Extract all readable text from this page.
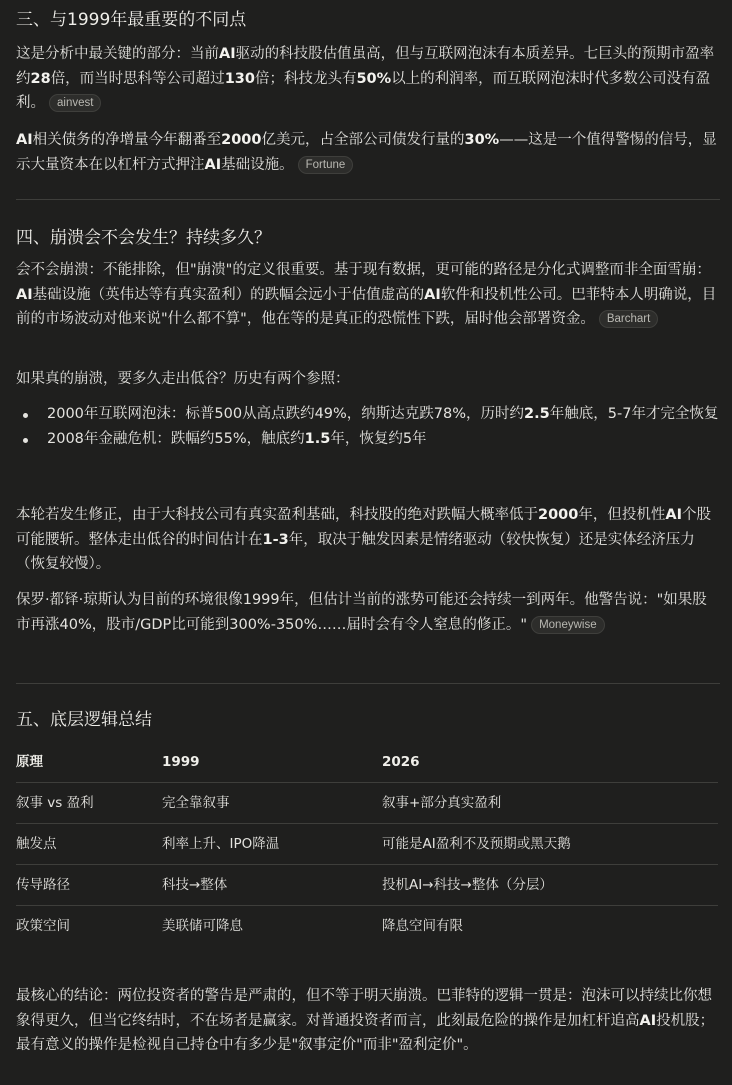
三、与1999年最重要的不同点

这是分析中最关键的部分：当前AI驱动的科技股估值虽高，但与互联网泡沫有本质差异。七巨头的预期市盈率约28倍，而当时思科等公司超过130倍；科技龙头有50%以上的利润率，而互联网泡沫时代多数公司没有盈利。 ainvest

AI相关债务的净增量今年翻番至2000亿美元，占全部公司债发行量的30%——这是一个值得警惕的信号，显示大量资本在以杠杆方式押注AI基础设施。 Fortune

四、崩溃会不会发生？持续多久？

会不会崩溃：不能排除，但"崩溃"的定义很重要。基于现有数据，更可能的路径是分化式调整而非全面雪崩：AI基础设施（英伟达等有真实盈利）的跌幅会远小于估值虚高的AI软件和投机性公司。巴菲特本人明确说，目前的市场波动对他来说"什么都不算"，他在等的是真正的恐慌性下跌，届时他会部署资金。 Barchart

如果真的崩溃，要多久走出低谷？历史有两个参照：

2000年互联网泡沫：标普500从高点跌约49%，纳斯达克跌78%，历时约2.5年触底，5-7年才完全恢复
2008年金融危机：跌幅约55%，触底约1.5年，恢复约5年

本轮若发生修正，由于大科技公司有真实盈利基础，科技股的绝对跌幅大概率低于2000年，但投机性AI个股可能腰斩。整体走出低谷的时间估计在1-3年，取决于触发因素是情绪驱动（较快恢复）还是实体经济压力（恢复较慢）。

保罗·都铎·琼斯认为目前的环境很像1999年，但估计当前的涨势可能还会持续一到两年。他警告说："如果股市再涨40%，股市/GDP比可能到300%-350%……届时会有令人窒息的修正。" Moneywise

五、底层逻辑总结
原理	1999	2026
叙事 vs 盈利	完全靠叙事	叙事+部分真实盈利
触发点	利率上升、IPO降温	可能是AI盈利不及预期或黑天鹅
传导路径	科技→整体	投机AI→科技→整体（分层）
政策空间	美联储可降息	降息空间有限

最核心的结论：两位投资者的警告是严肃的，但不等于明天崩溃。巴菲特的逻辑一贯是：泡沫可以持续比你想象得更久，但当它终结时，不在场者是赢家。对普通投资者而言，此刻最危险的操作是加杠杆追高AI投机股；最有意义的操作是检视自己持仓中有多少是"叙事定价"而非"盈利定价"。
